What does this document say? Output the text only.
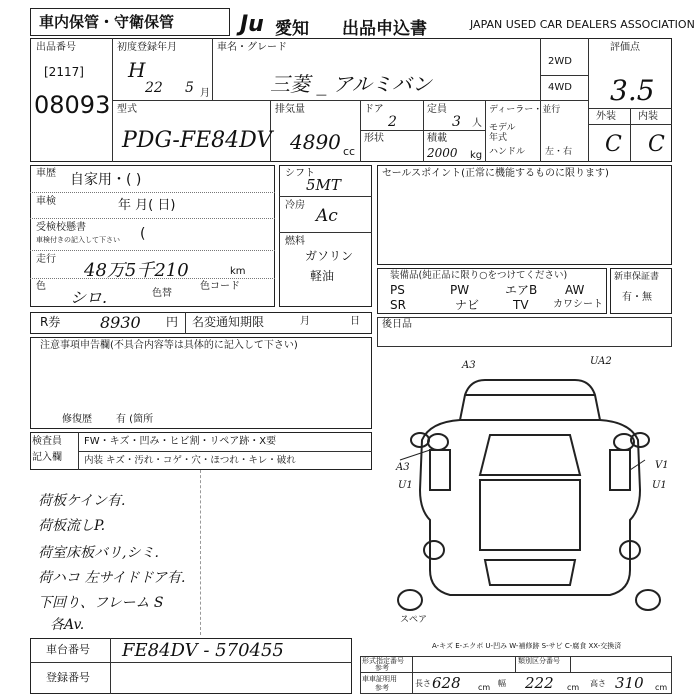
車内保管・守衛保管	Ju 愛知 出品申込書	JAPAN USED CAR DEALERS ASSOCIATION
出品番号
[2117]
08093
初度登録年月
H
22 5 月
車名・グレード
三菱 _ アルミバン
2WD
4WD
評価点
3.5
外装 内装
C C
型式
PDG-FE84DV
排気量
4890 cc
ドア
2
定員
3 人
形状	積載
2000 kg
ディーラー・並行
モデル
年式
ハンドル 左・右
車歴 自家用・( )
車検	年 月( 日)
受検校懸書
車検付きの記入して下さい (
走行
48万5千210	km
色
シロ.	色替
色コード
シフト
5MT
冷房
Ac
燃料
ガソリン
軽油
セールスポイント(正常に機能するものに限ります)
装備品(純正品に限り○をつけてください)
PS	PW	エアB AW
SR	ナビ	TV カワシート
新車保証書
有・無
R券 8930 円 名変通知期限	月	日 後日品
注意事項申告欄(不具合内容等は具体的に記入して下さい)
修復歴 有 (箇所
検査員
記入欄
FW・キズ・凹み・ヒビ割・リペア跡・X要
内装 キズ・汚れ・コゲ・穴・ほつれ・キレ・破れ
荷板ケイン有.
荷板流しP.
荷室床板バリ,シミ.
荷ハコ 左サイドドア有.
下回り、フレーム S
各Av.
A3	UA2
A3
U1
V1
U1
スペア
A-キズ E-エクボ U-凹み W-補修跡 S-サビ C-腐食 XX-交換済
車台番号 FE84DV - 570455
登録番号
形式指定番号
参考
類別区分番号
車車証明用
参考	長さ 628 cm 幅 222 cm 高さ 310 cm
